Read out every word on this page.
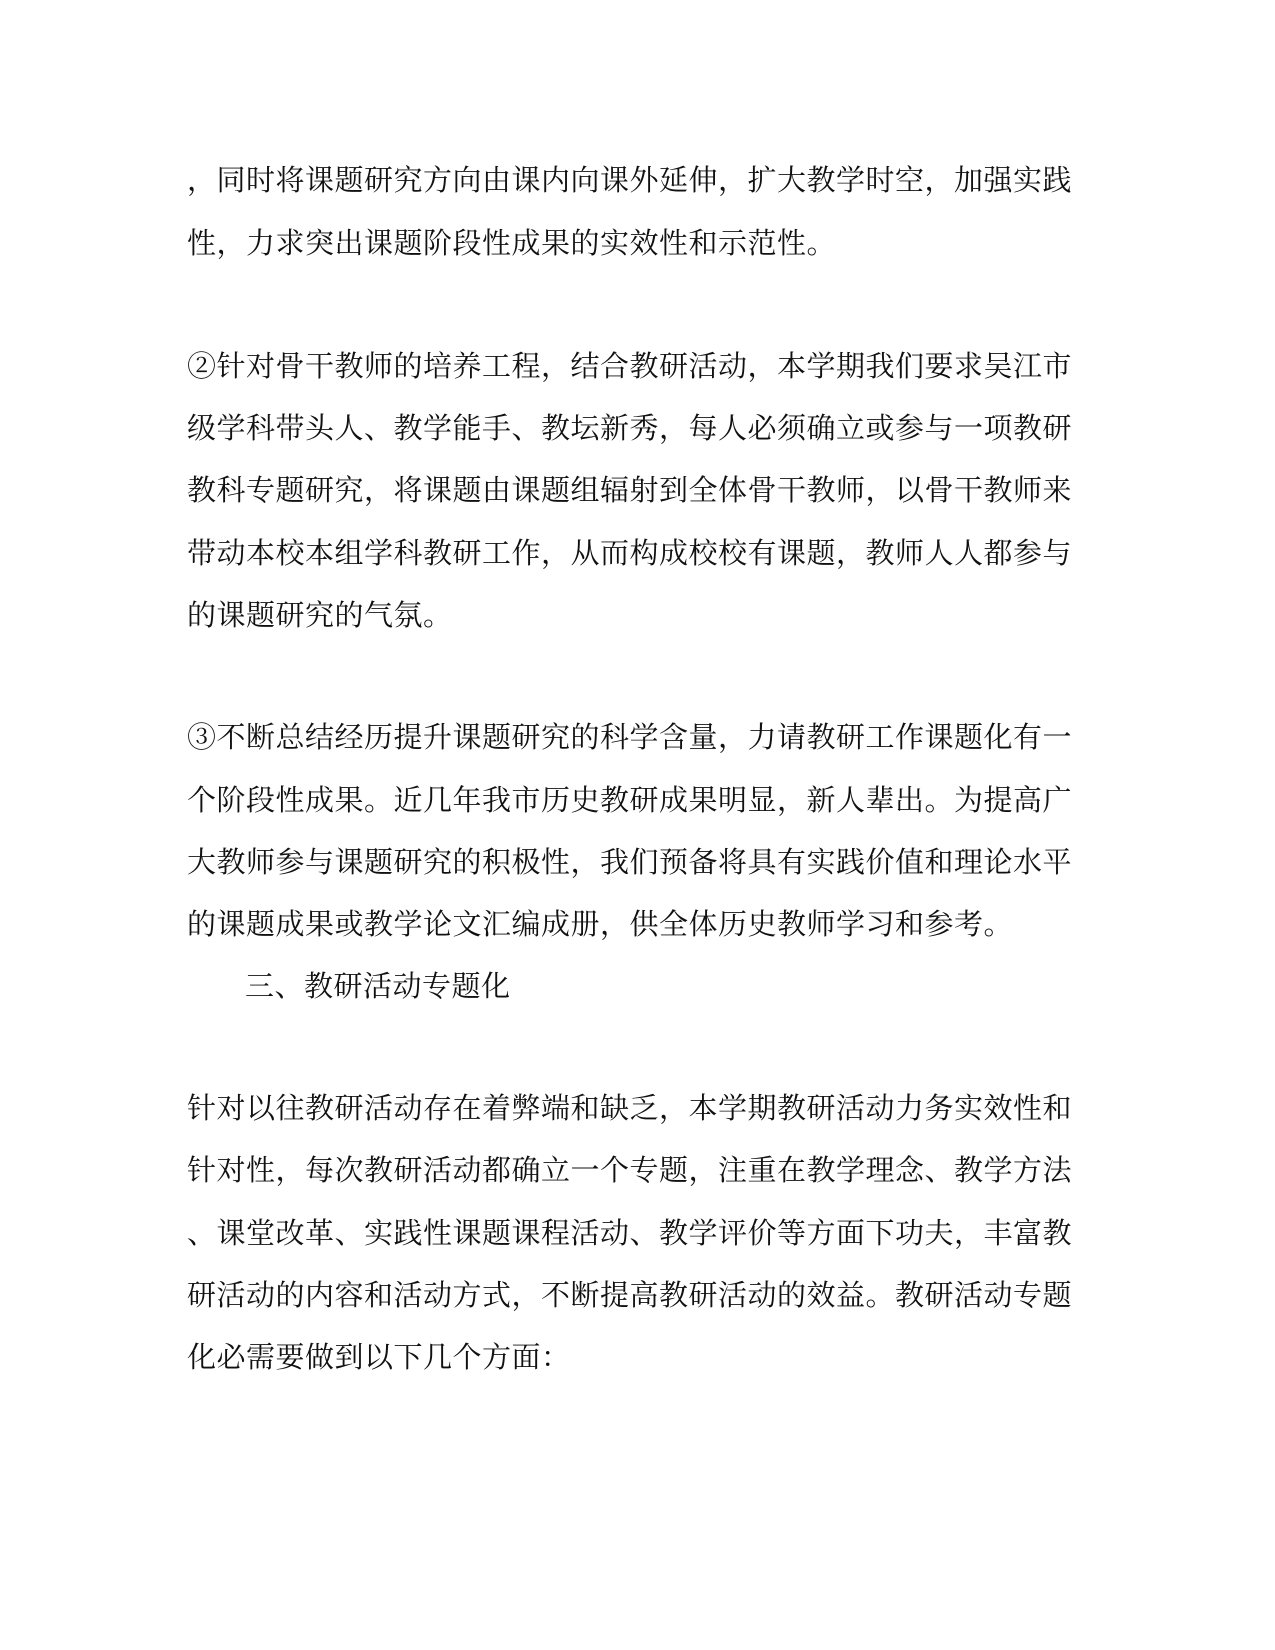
，同时将课题研究方向由课内向课外延伸，扩大教学时空，加强实践
性，力求突出课题阶段性成果的实效性和示范性。
②针对骨干教师的培养工程，结合教研活动，本学期我们要求吴江市
级学科带头人、教学能手、教坛新秀，每人必须确立或参与一项教研
教科专题研究，将课题由课题组辐射到全体骨干教师，以骨干教师来
带动本校本组学科教研工作，从而构成校校有课题，教师人人都参与
的课题研究的气氛。
③不断总结经历提升课题研究的科学含量，力请教研工作课题化有一
个阶段性成果。近几年我市历史教研成果明显，新人辈出。为提高广
大教师参与课题研究的积极性，我们预备将具有实践价值和理论水平
的课题成果或教学论文汇编成册，供全体历史教师学习和参考。
三、教研活动专题化
针对以往教研活动存在着弊端和缺乏，本学期教研活动力务实效性和
针对性，每次教研活动都确立一个专题，注重在教学理念、教学方法
、课堂改革、实践性课题课程活动、教学评价等方面下功夫，丰富教
研活动的内容和活动方式，不断提高教研活动的效益。教研活动专题
化必需要做到以下几个方面：
